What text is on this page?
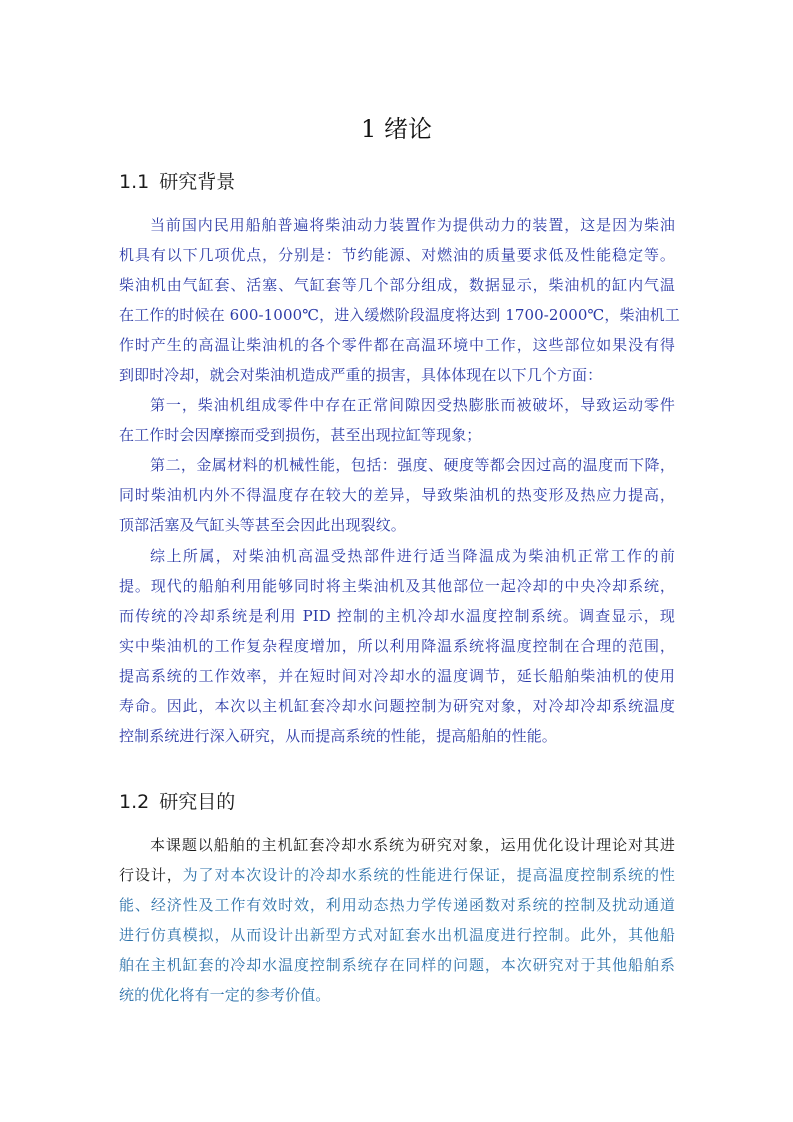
1 绪论
1.1 研究背景
当前国内民用船舶普遍将柴油动力装置作为提供动力的装置，这是因为柴油
机具有以下几项优点，分别是：节约能源、对燃油的质量要求低及性能稳定等。
柴油机由气缸套、活塞、气缸套等几个部分组成，数据显示，柴油机的缸内气温
在工作的时候在 600-1000℃，进入缓燃阶段温度将达到 1700-2000℃，柴油机工
作时产生的高温让柴油机的各个零件都在高温环境中工作，这些部位如果没有得
到即时冷却，就会对柴油机造成严重的损害，具体体现在以下几个方面：
第一，柴油机组成零件中存在正常间隙因受热膨胀而被破坏，导致运动零件
在工作时会因摩擦而受到损伤，甚至出现拉缸等现象；
第二，金属材料的机械性能，包括：强度、硬度等都会因过高的温度而下降，
同时柴油机内外不得温度存在较大的差异，导致柴油机的热变形及热应力提高，
顶部活塞及气缸头等甚至会因此出现裂纹。
综上所属，对柴油机高温受热部件进行适当降温成为柴油机正常工作的前
提。现代的船舶利用能够同时将主柴油机及其他部位一起冷却的中央冷却系统，
而传统的冷却系统是利用 PID 控制的主机冷却水温度控制系统。调查显示，现
实中柴油机的工作复杂程度增加，所以利用降温系统将温度控制在合理的范围，
提高系统的工作效率，并在短时间对冷却水的温度调节，延长船舶柴油机的使用
寿命。因此，本次以主机缸套冷却水问题控制为研究对象，对冷却冷却系统温度
控制系统进行深入研究，从而提高系统的性能，提高船舶的性能。
1.2 研究目的
本课题以船舶的主机缸套冷却水系统为研究对象，运用优化设计理论对其进
行设计，为了对本次设计的冷却水系统的性能进行保证，提高温度控制系统的性
能、经济性及工作有效时效，利用动态热力学传递函数对系统的控制及扰动通道
进行仿真模拟，从而设计出新型方式对缸套水出机温度进行控制。此外，其他船
舶在主机缸套的冷却水温度控制系统存在同样的问题，本次研究对于其他船舶系
统的优化将有一定的参考价值。
